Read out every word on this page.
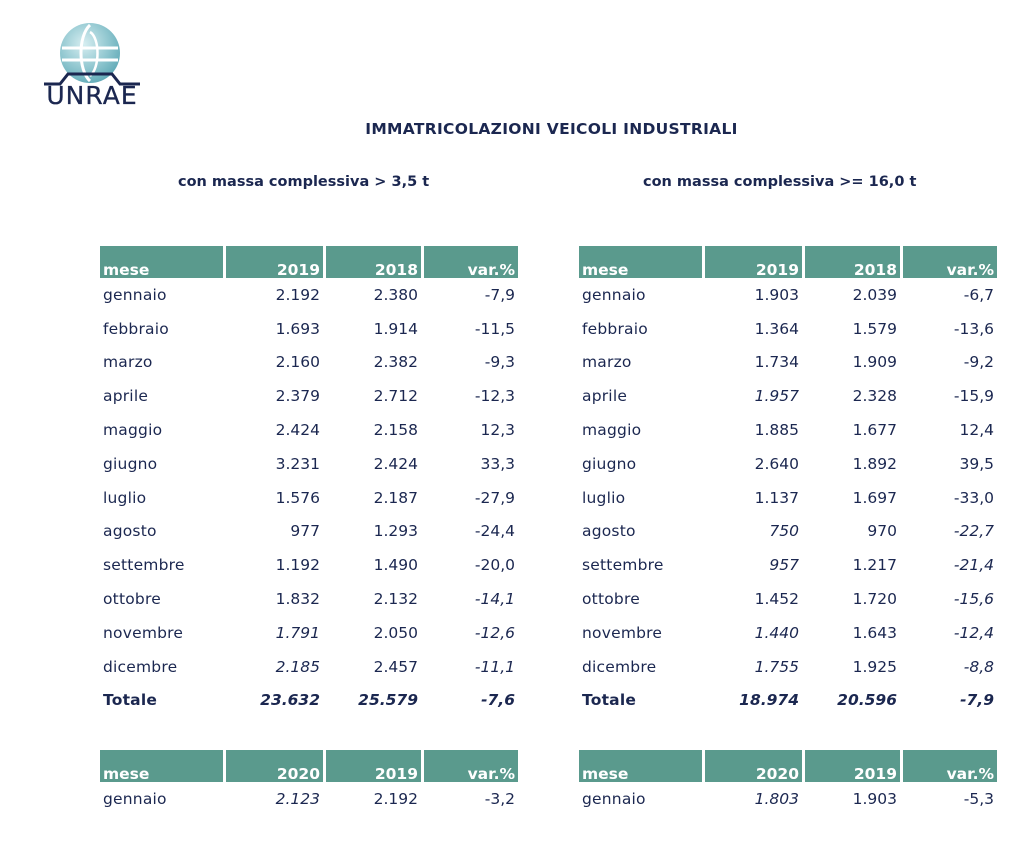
UNRAE
IMMATRICOLAZIONI VEICOLI INDUSTRIALI
con massa complessiva > 3,5 t	con massa complessiva >= 16,0 t
mese	2019	2018	var.%
gennaio	2.192	2.380	-7,9
febbraio	1.693	1.914	-11,5
marzo	2.160	2.382	-9,3
aprile	2.379	2.712	-12,3
maggio	2.424	2.158	12,3
giugno	3.231	2.424	33,3
luglio	1.576	2.187	-27,9
agosto	977	1.293	-24,4
settembre	1.192	1.490	-20,0
ottobre	1.832	2.132	-14,1
novembre	1.791	2.050	-12,6
dicembre	2.185	2.457	-11,1
Totale	23.632	25.579	-7,6
mese	2019	2018	var.%
gennaio	1.903	2.039	-6,7
febbraio	1.364	1.579	-13,6
marzo	1.734	1.909	-9,2
aprile	1.957	2.328	-15,9
maggio	1.885	1.677	12,4
giugno	2.640	1.892	39,5
luglio	1.137	1.697	-33,0
agosto	750	970	-22,7
settembre	957	1.217	-21,4
ottobre	1.452	1.720	-15,6
novembre	1.440	1.643	-12,4
dicembre	1.755	1.925	-8,8
Totale	18.974	20.596	-7,9
mese	2020	2019	var.%
gennaio	2.123	2.192	-3,2
mese	2020	2019	var.%
gennaio	1.803	1.903	-5,3
